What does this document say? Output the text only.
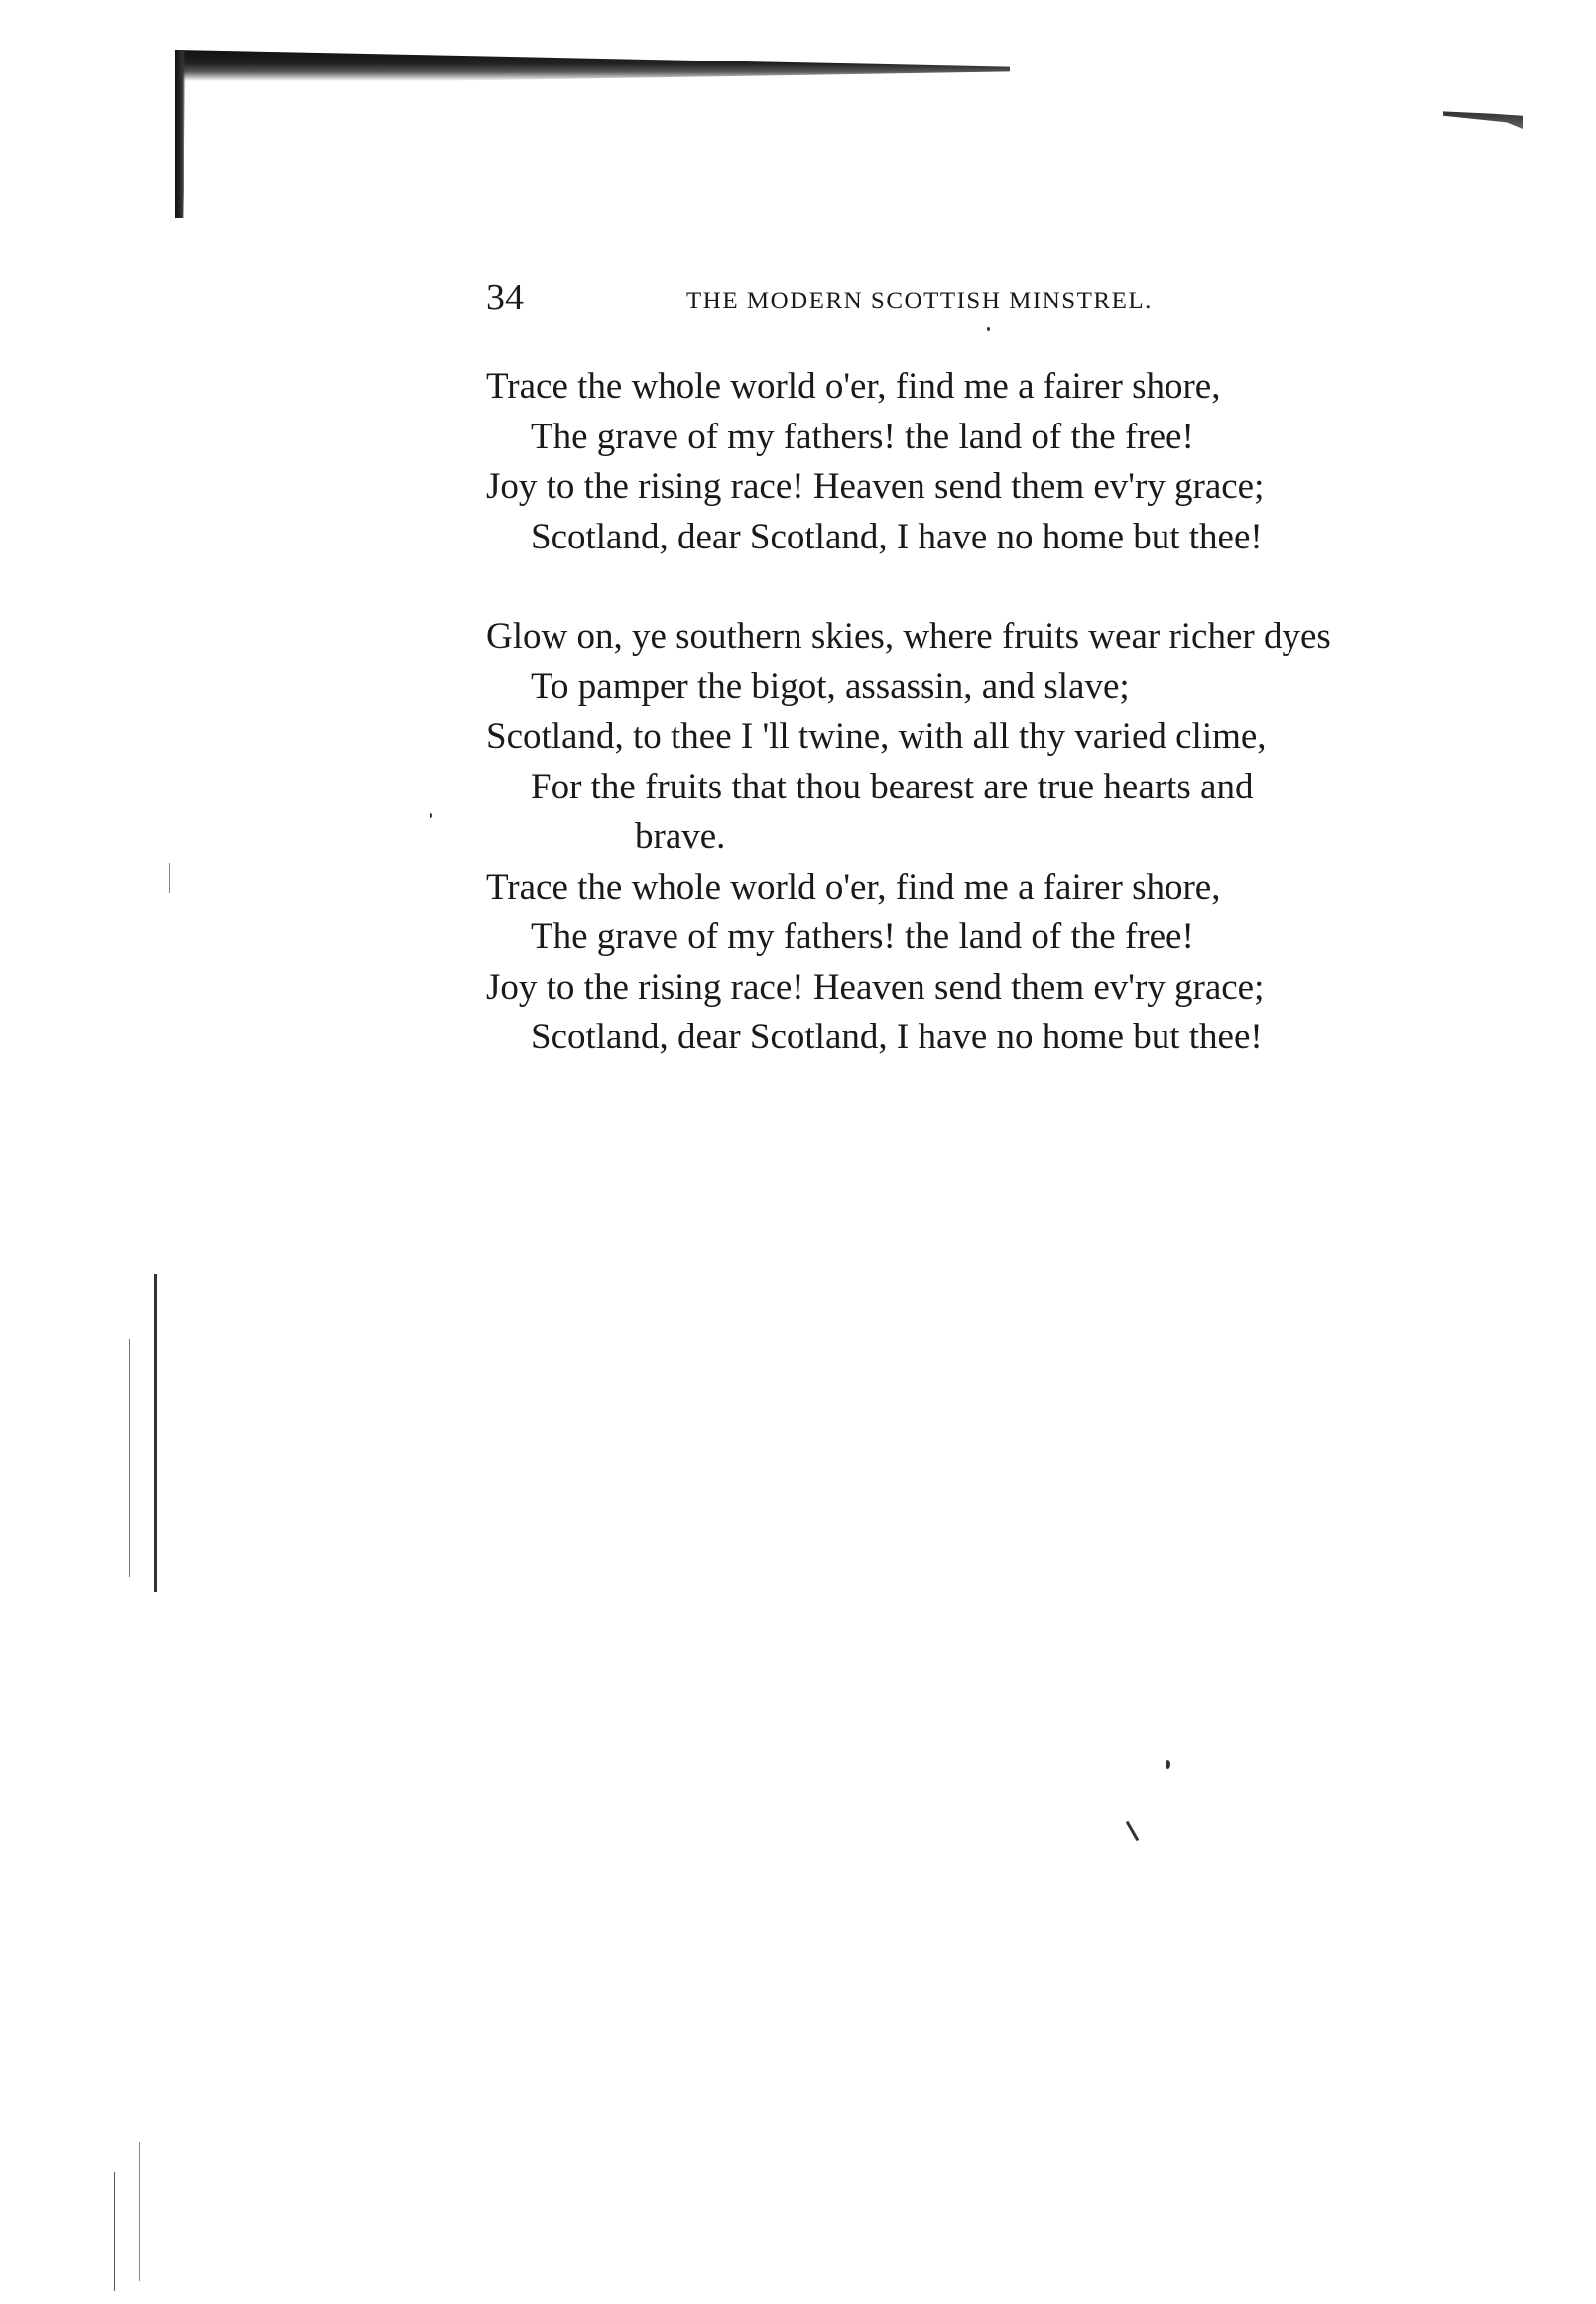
34	THE MODERN SCOTTISH MINSTREL.
Trace the whole world o'er, find me a fairer shore,
The grave of my fathers! the land of the free!
Joy to the rising race! Heaven send them ev'ry grace;
Scotland, dear Scotland, I have no home but thee!
Glow on, ye southern skies, where fruits wear richer dyes
To pamper the bigot, assassin, and slave;
Scotland, to thee I 'll twine, with all thy varied clime,
For the fruits that thou bearest are true hearts and
brave.
Trace the whole world o'er, find me a fairer shore,
The grave of my fathers! the land of the free!
Joy to the rising race! Heaven send them ev'ry grace;
Scotland, dear Scotland, I have no home but thee!
